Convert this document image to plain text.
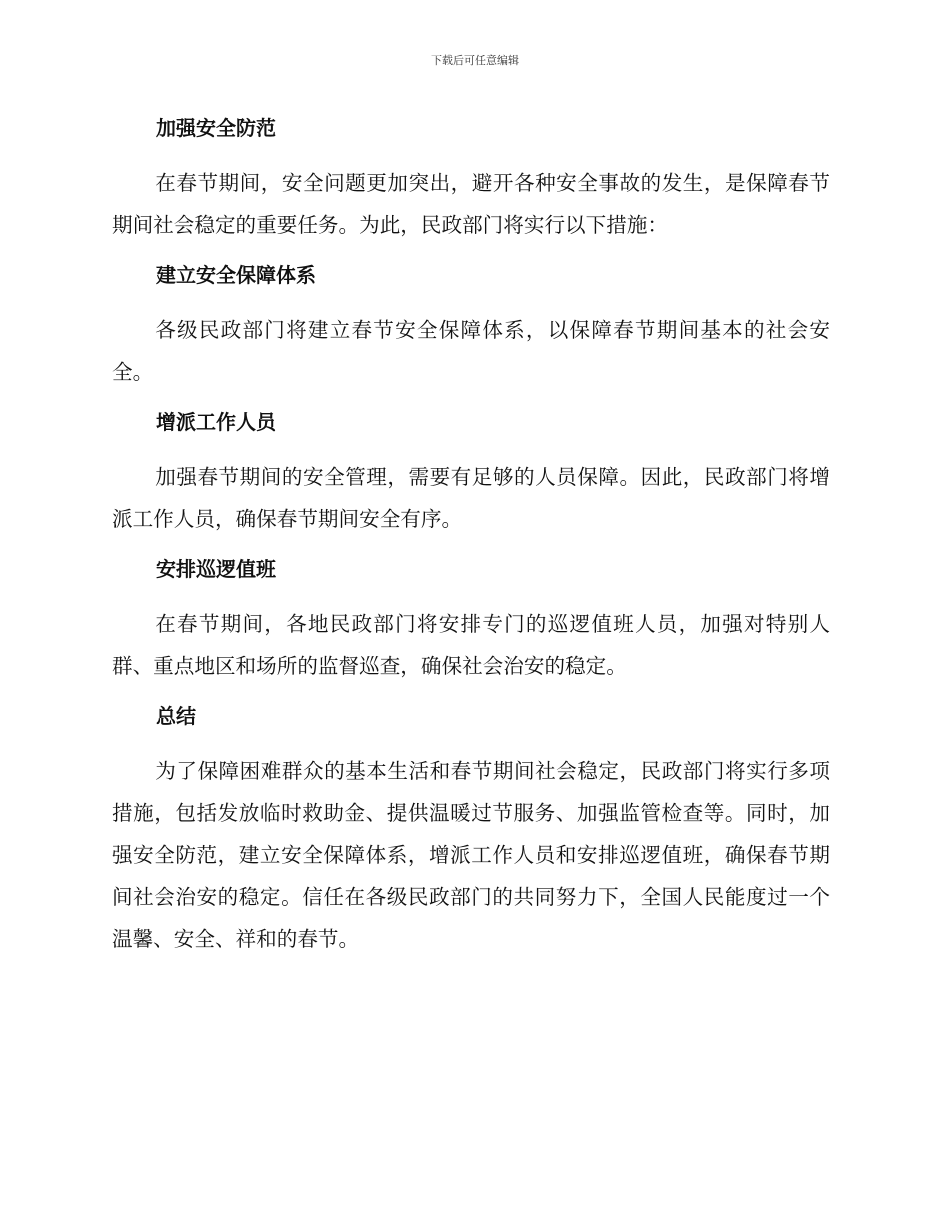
下载后可任意编辑
加强安全防范

在春节期间，安全问题更加突出，避开各种安全事故的发生，是保障春节期间社会稳定的重要任务。为此，民政部门将实行以下措施：

建立安全保障体系

各级民政部门将建立春节安全保障体系，以保障春节期间基本的社会安全。

增派工作人员

加强春节期间的安全管理，需要有足够的人员保障。因此，民政部门将增派工作人员，确保春节期间安全有序。

安排巡逻值班

在春节期间，各地民政部门将安排专门的巡逻值班人员，加强对特别人群、重点地区和场所的监督巡查，确保社会治安的稳定。

总结

为了保障困难群众的基本生活和春节期间社会稳定，民政部门将实行多项措施，包括发放临时救助金、提供温暖过节服务、加强监管检查等。同时，加强安全防范，建立安全保障体系，增派工作人员和安排巡逻值班，确保春节期间社会治安的稳定。信任在各级民政部门的共同努力下，全国人民能度过一个温馨、安全、祥和的春节。
